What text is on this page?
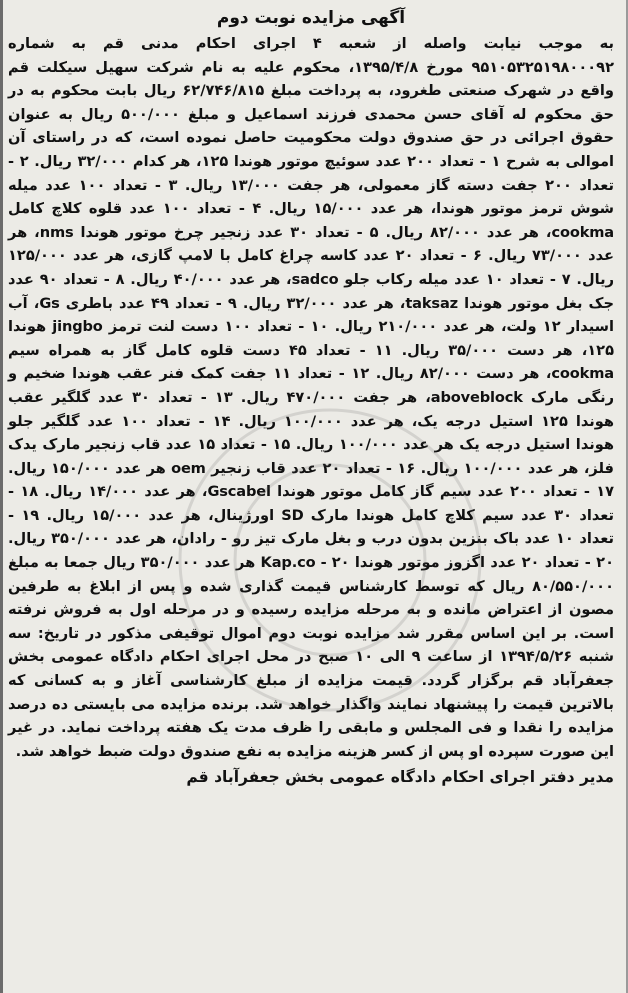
آگهی مزایده نوبت دوم

به موجب نیابت واصله از شعبه ۴ اجرای احکام مدنی قم به شماره ۹۵۱۰۵۳۲۵۱۹۸۰۰۰۹۲ مورخ ۱۳۹۵/۴/۸، محکوم علیه به نام شرکت سهیل سیکلت قم واقع در شهرک صنعتی طغرود، به پرداخت مبلغ ۶۲/۷۴۶/۸۱۵ ریال بابت محکوم به در حق محکوم له آقای حسن محمدی فرزند اسماعیل و مبلغ ۵۰۰/۰۰۰ ریال به عنوان حقوق اجرائی در حق صندوق دولت محکومیت حاصل نموده است، که در راستای آن اموالی به شرح ۱ - تعداد ۲۰۰ عدد سوئیچ موتور هوندا ۱۲۵، هر کدام ۳۲/۰۰۰ ریال. ۲ - تعداد ۲۰۰ جفت دسته گاز معمولی، هر جفت ۱۳/۰۰۰ ریال. ۳ - تعداد ۱۰۰ عدد میله شوش ترمز موتور هوندا، هر عدد ۱۵/۰۰۰ ریال. ۴ - تعداد ۱۰۰ عدد قلوه کلاچ کامل cookma، هر عدد ۸۲/۰۰۰ ریال. ۵ - تعداد ۳۰ عدد زنجیر چرخ موتور هوندا nms، هر عدد ۷۳/۰۰۰ ریال. ۶ - تعداد ۲۰ عدد کاسه چراغ کامل با لامپ گازی، هر عدد ۱۲۵/۰۰۰ ریال. ۷ - تعداد ۱۰ عدد میله رکاب جلو sadco، هر عدد ۴۰/۰۰۰ ریال. ۸ - تعداد ۹۰ عدد جک بغل موتور هوندا taksaz، هر عدد ۳۲/۰۰۰ ریال. ۹ - تعداد ۴۹ عدد باطری Gs، آب اسیدار ۱۲ ولت، هر عدد ۲۱۰/۰۰۰ ریال. ۱۰ - تعداد ۱۰۰ دست لنت ترمز jingbo هوندا ۱۲۵، هر دست ۳۵/۰۰۰ ریال. ۱۱ - تعداد ۴۵ دست قلوه کامل گاز به همراه سیم cookma، هر دست ۸۲/۰۰۰ ریال. ۱۲ - تعداد ۱۱ جفت کمک فنر عقب هوندا ضخیم و رنگی مارک aboveblock، هر جفت ۴۷۰/۰۰۰ ریال. ۱۳ - تعداد ۳۰ عدد گلگیر عقب هوندا ۱۲۵ استیل درجه یک، هر عدد ۱۰۰/۰۰۰ ریال. ۱۴ - تعداد ۱۰۰ عدد گلگیر جلو هوندا استیل درجه یک هر عدد ۱۰۰/۰۰۰ ریال. ۱۵ - تعداد ۱۵ عدد قاب زنجیر مارک یدک فلز، هر عدد ۱۰۰/۰۰۰ ریال. ۱۶ - تعداد ۲۰ عدد قاب زنجیر oem هر عدد ۱۵۰/۰۰۰ ریال. ۱۷ - تعداد ۲۰۰ عدد سیم گاز کامل موتور هوندا Gscabel، هر عدد ۱۴/۰۰۰ ریال. ۱۸ - تعداد ۳۰ عدد سیم کلاچ کامل هوندا مارک SD اورژینال، هر عدد ۱۵/۰۰۰ ریال. ۱۹ - تعداد ۱۰ عدد باک بنزین بدون درب و بغل مارک تیز رو - رادان، هر عدد ۳۵۰/۰۰۰ ریال. ۲۰ - تعداد ۲۰ عدد اگزوز موتور هوندا Kap.co - ۲۰ هر عدد ۳۵۰/۰۰۰ ریال جمعا به مبلغ ۸۰/۵۵۰/۰۰۰ ریال که توسط کارشناس قیمت گذاری شده و پس از ابلاغ به طرفین مصون از اعتراض مانده و به مرحله مزایده رسیده و در مرحله اول به فروش نرفته است. بر این اساس مقرر شد مزایده نوبت دوم اموال توقیفی مذکور در تاریخ: سه شنبه ۱۳۹۴/۵/۲۶ از ساعت ۹ الی ۱۰ صبح در محل اجرای احکام دادگاه عمومی بخش جعفرآباد قم برگزار گردد. قیمت مزایده از مبلغ کارشناسی آغاز و به کسانی که بالاترین قیمت را پیشنهاد نمایند واگذار خواهد شد. برنده مزایده می بایستی ده درصد مزایده را نقدا و فی المجلس و مابقی را ظرف مدت یک هفته پرداخت نماید. در غیر این صورت سپرده او پس از کسر هزینه مزایده به نفع صندوق دولت ضبط خواهد شد.

مدیر دفتر اجرای احکام دادگاه عمومی بخش جعفرآباد قم
